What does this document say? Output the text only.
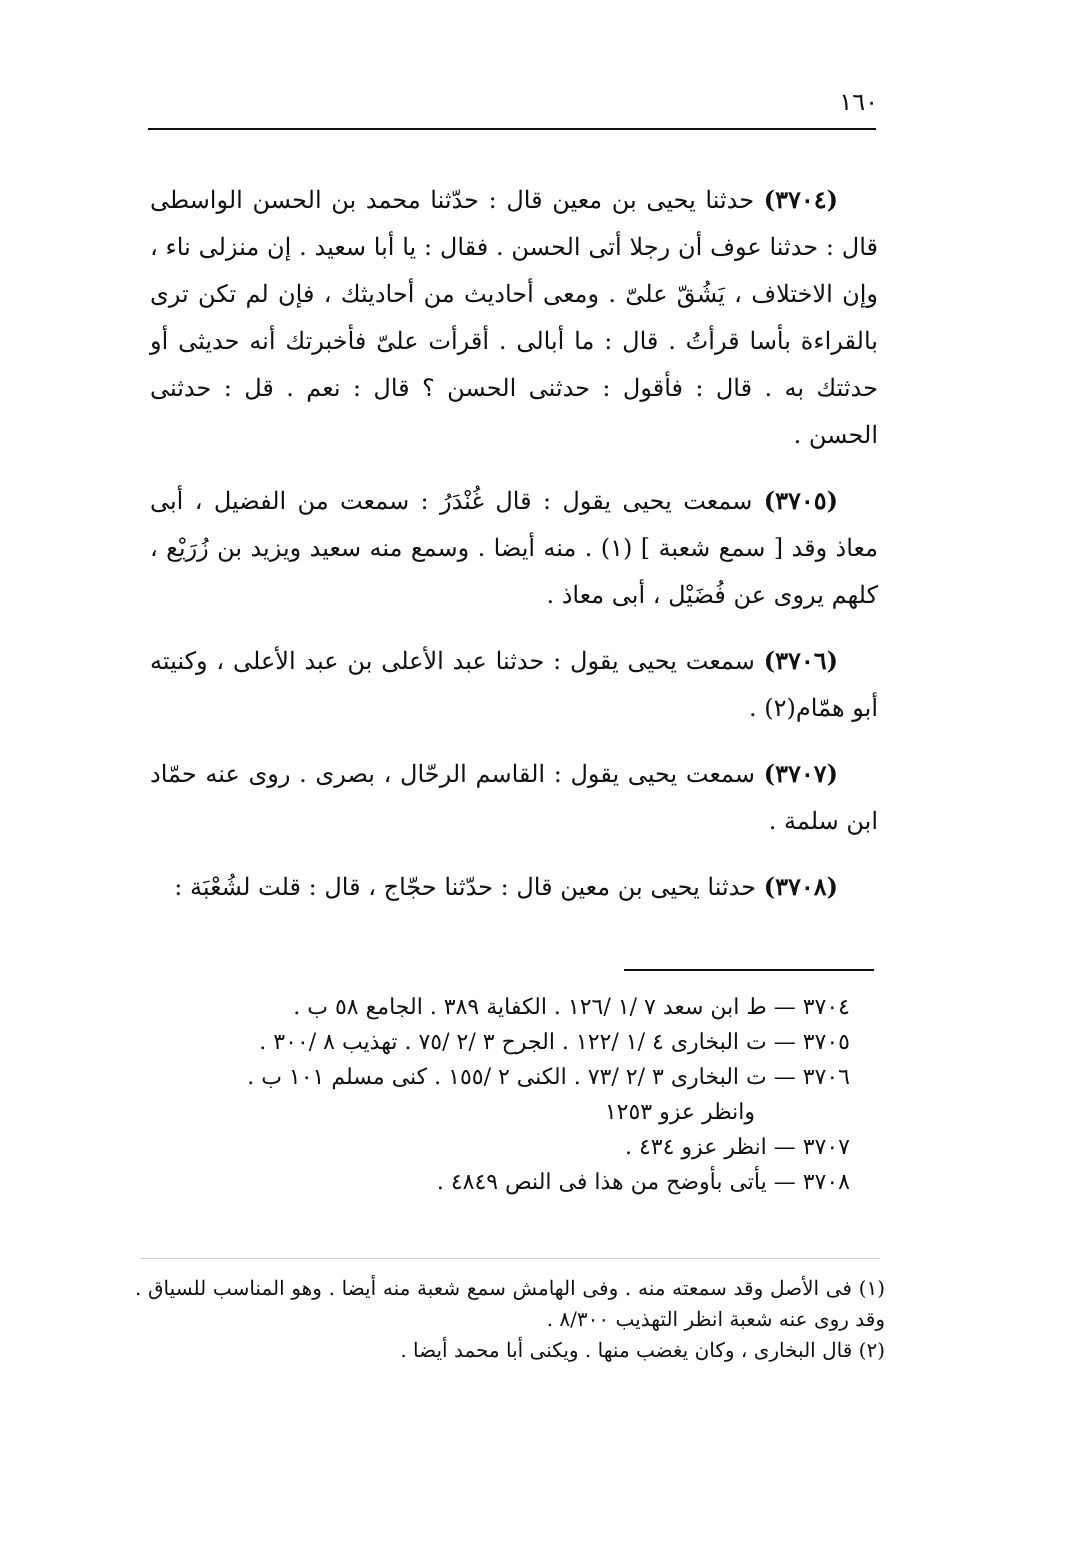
١٦٠

(٣٧٠٤) حدثنا يحيى بن معين قال : حدّثنا محمد بن الحسن الواسطى قال : حدثنا عوف أن رجلا أتى الحسن . فقال : يا أبا سعيد . إن منزلى ناء ، وإن الاختلاف ، يَشُقّ علىّ . ومعى أحاديث من أحاديثك ، فإن لم تكن ترى بالقراءة بأسا قرأتُ . قال : ما أبالى . أقرأت علىّ فأخبرتك أنه حديثى أو حدثتك به . قال : فأقول : حدثنى الحسن ؟ قال : نعم . قل : حدثنى الحسن .

(٣٧٠٥) سمعت يحيى يقول : قال غُنْدَرُ : سمعت من الفضيل ، أبى معاذ وقد [ سمع شعبة ] (١) . منه أيضا . وسمع منه سعيد ويزيد بن زُرَيْع ، كلهم يروى عن فُضَيْل ، أبى معاذ .

(٣٧٠٦) سمعت يحيى يقول : حدثنا عبد الأعلى بن عبد الأعلى ، وكنيته أبو همّام(٢) .

(٣٧٠٧) سمعت يحيى يقول : القاسم الرحّال ، بصرى . روى عنه حمّاد ابن سلمة .

(٣٧٠٨) حدثنا يحيى بن معين قال : حدّثنا حجّاج ، قال : قلت لشُعْبَة :

٣٧٠٤ — ط ابن سعد ٧ /١ /١٢٦ . الكفاية ٣٨٩ . الجامع ٥٨ ب .
٣٧٠٥ — ت البخارى ٤ /١ /١٢٢ . الجرح ٣ /٢ /٧٥ . تهذيب ٨ /٣٠٠ .
٣٧٠٦ — ت البخارى ٣ /٢ /٧٣ . الكنى ٢ /١٥٥ . كنى مسلم ١٠١ ب .
وانظر عزو ١٢٥٣
٣٧٠٧ — انظر عزو ٤٣٤ .
٣٧٠٨ — يأتى بأوضح من هذا فى النص ٤٨٤٩ .

(١) فى الأصل وقد سمعته منه . وفى الهامش سمع شعبة منه أيضا . وهو المناسب للسياق . وقد روى عنه شعبة انظر التهذيب ٨/٣٠٠ .

(٢) قال البخارى ، وكان يغضب منها . ويكنى أبا محمد أيضا .
